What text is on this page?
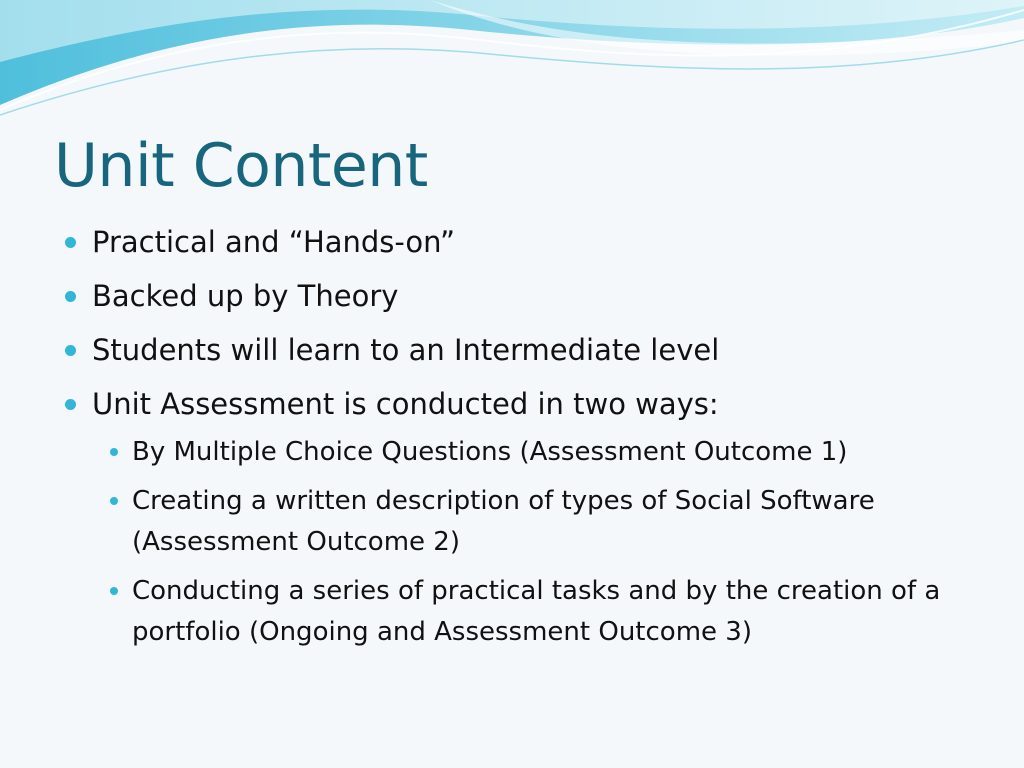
Unit Content
Practical and “Hands-on”
Backed up by Theory
Students will learn to an Intermediate level
Unit Assessment is conducted in two ways:
By Multiple Choice Questions (Assessment Outcome 1)
Creating a written description of types of Social Software (Assessment Outcome 2)
Conducting a series of practical tasks and by the creation of a portfolio (Ongoing and Assessment Outcome 3)
